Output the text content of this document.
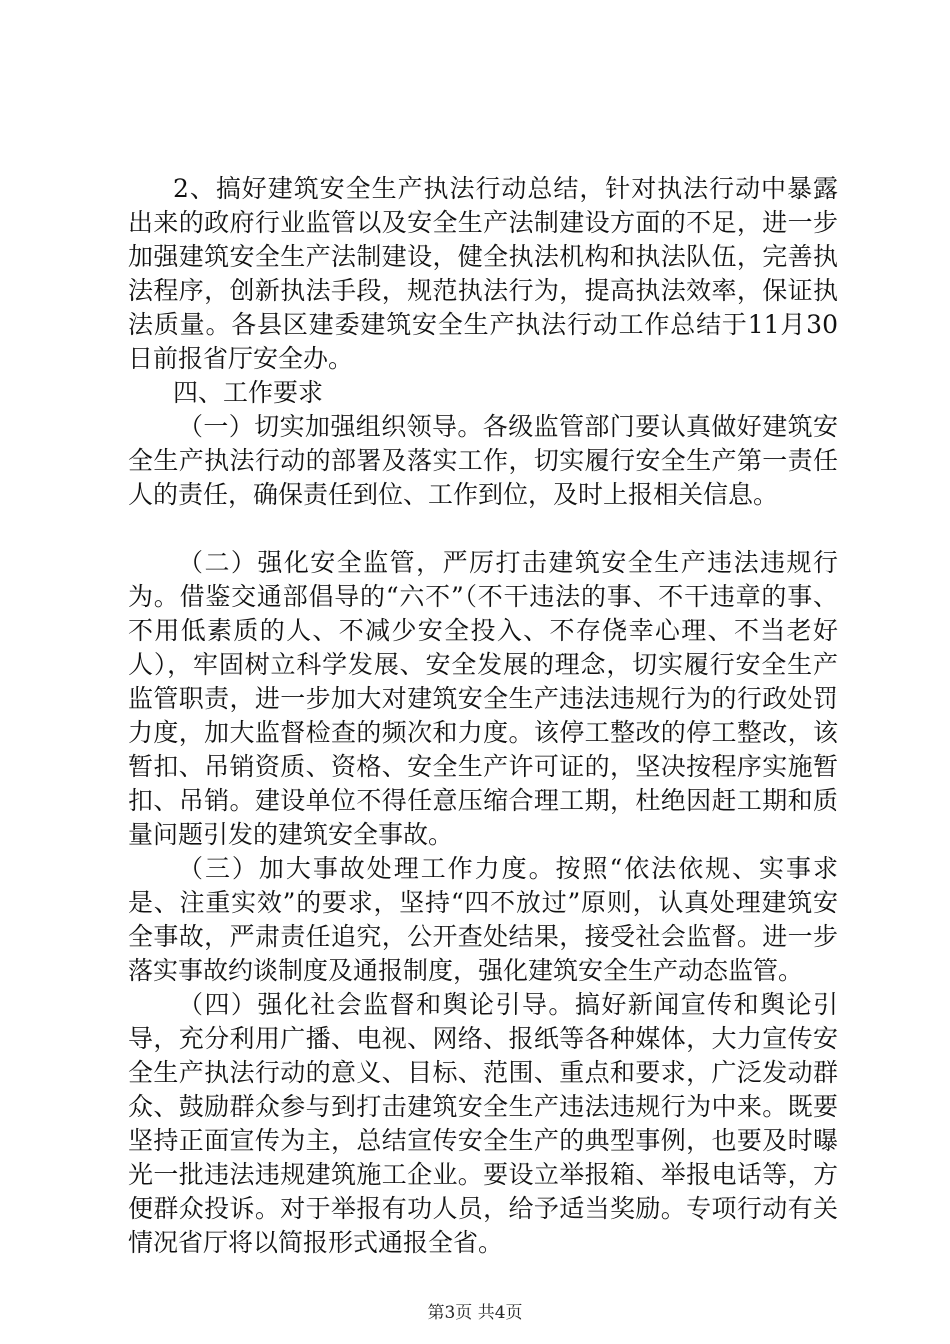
2、搞好建筑安全生产执法行动总结，针对执法行动中暴露出来的政府行业监管以及安全生产法制建设方面的不足，进一步加强建筑安全生产法制建设，健全执法机构和执法队伍，完善执法程序，创新执法手段，规范执法行为，提高执法效率，保证执法质量。各县区建委建筑安全生产执法行动工作总结于11月30日前报省厅安全办。

四、工作要求

（一）切实加强组织领导。各级监管部门要认真做好建筑安全生产执法行动的部署及落实工作，切实履行安全生产第一责任人的责任，确保责任到位、工作到位，及时上报相关信息。

（二）强化安全监管，严厉打击建筑安全生产违法违规行为。借鉴交通部倡导的“六不”（不干违法的事、不干违章的事、不用低素质的人、不减少安全投入、不存侥幸心理、不当老好人），牢固树立科学发展、安全发展的理念，切实履行安全生产监管职责，进一步加大对建筑安全生产违法违规行为的行政处罚力度，加大监督检查的频次和力度。该停工整改的停工整改，该暂扣、吊销资质、资格、安全生产许可证的，坚决按程序实施暂扣、吊销。建设单位不得任意压缩合理工期，杜绝因赶工期和质量问题引发的建筑安全事故。

（三）加大事故处理工作力度。按照“依法依规、实事求是、注重实效”的要求，坚持“四不放过”原则，认真处理建筑安全事故，严肃责任追究，公开查处结果，接受社会监督。进一步落实事故约谈制度及通报制度，强化建筑安全生产动态监管。

（四）强化社会监督和舆论引导。搞好新闻宣传和舆论引导，充分利用广播、电视、网络、报纸等各种媒体，大力宣传安全生产执法行动的意义、目标、范围、重点和要求，广泛发动群众、鼓励群众参与到打击建筑安全生产违法违规行为中来。既要坚持正面宣传为主，总结宣传安全生产的典型事例，也要及时曝光一批违法违规建筑施工企业。要设立举报箱、举报电话等，方便群众投诉。对于举报有功人员，给予适当奖励。专项行动有关情况省厅将以简报形式通报全省。

第3页 共4页
